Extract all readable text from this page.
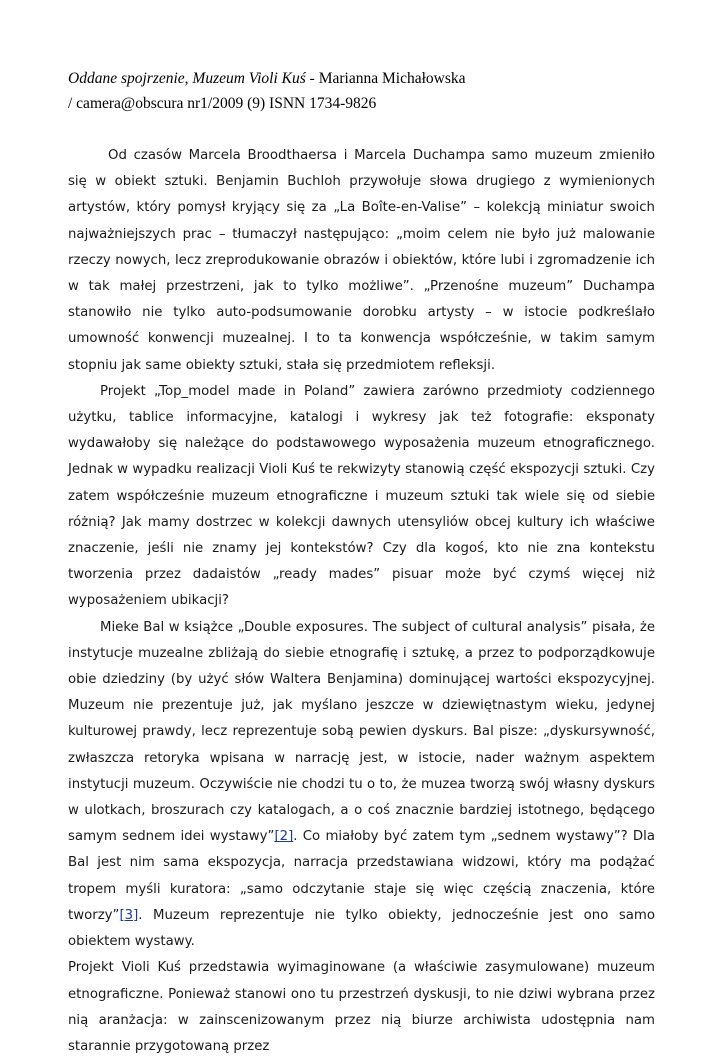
Oddane spojrzenie, Muzeum Violi Kuś - Marianna Michałowska
/ camera@obscura nr1/2009 (9) ISNN 1734-9826

Od czasów Marcela Broodthaersa i Marcela Duchampa samo muzeum zmieniło się w obiekt sztuki. Benjamin Buchloh przywołuje słowa drugiego z wymienionych artystów, który pomysł kryjący się za „La Boîte-en-Valise” – kolekcją miniatur swoich najważniejszych prac – tłumaczył następująco: „moim celem nie było już malowanie rzeczy nowych, lecz zreprodukowanie obrazów i obiektów, które lubi i zgromadzenie ich w tak małej przestrzeni, jak to tylko możliwe”. „Przenośne muzeum” Duchampa stanowiło nie tylko auto-podsumowanie dorobku artysty – w istocie podkreślało umowność konwencji muzealnej. I to ta konwencja współcześnie, w takim samym stopniu jak same obiekty sztuki, stała się przedmiotem refleksji.

Projekt „Top_model made in Poland” zawiera zarówno przedmioty codziennego użytku, tablice informacyjne, katalogi i wykresy jak też fotografie: eksponaty wydawałoby się należące do podstawowego wyposażenia muzeum etnograficznego. Jednak w wypadku realizacji Violi Kuś te rekwizyty stanowią część ekspozycji sztuki. Czy zatem współcześnie muzeum etnograficzne i muzeum sztuki tak wiele się od siebie różnią? Jak mamy dostrzec w kolekcji dawnych utensyliów obcej kultury ich właściwe znaczenie, jeśli nie znamy jej kontekstów? Czy dla kogoś, kto nie zna kontekstu tworzenia przez dadaistów „ready mades” pisuar może być czymś więcej niż wyposażeniem ubikacji?

Mieke Bal w książce „Double exposures. The subject of cultural analysis” pisała, że instytucje muzealne zbliżają do siebie etnografię i sztukę, a przez to podporządkowuje obie dziedziny (by użyć słów Waltera Benjamina) dominującej wartości ekspozycyjnej. Muzeum nie prezentuje już, jak myślano jeszcze w dziewiętnastym wieku, jedynej kulturowej prawdy, lecz reprezentuje sobą pewien dyskurs. Bal pisze: „dyskursywność, zwłaszcza retoryka wpisana w narrację jest, w istocie, nader ważnym aspektem instytucji muzeum. Oczywiście nie chodzi tu o to, że muzea tworzą swój własny dyskurs w ulotkach, broszurach czy katalogach, a o coś znacznie bardziej istotnego, będącego samym sednem idei wystawy”[2]. Co miałoby być zatem tym „sednem wystawy”? Dla Bal jest nim sama ekspozycja, narracja przedstawiana widzowi, który ma podążać tropem myśli kuratora: „samo odczytanie staje się więc częścią znaczenia, które tworzy”[3]. Muzeum reprezentuje nie tylko obiekty, jednocześnie jest ono samo obiektem wystawy.

Projekt Violi Kuś przedstawia wyimaginowane (a właściwie zasymulowane) muzeum etnograficzne. Ponieważ stanowi ono tu przestrzeń dyskusji, to nie dziwi wybrana przez nią aranżacja: w zainscenizowanym przez nią biurze archiwista udostępnia nam starannie przygotowaną przez
